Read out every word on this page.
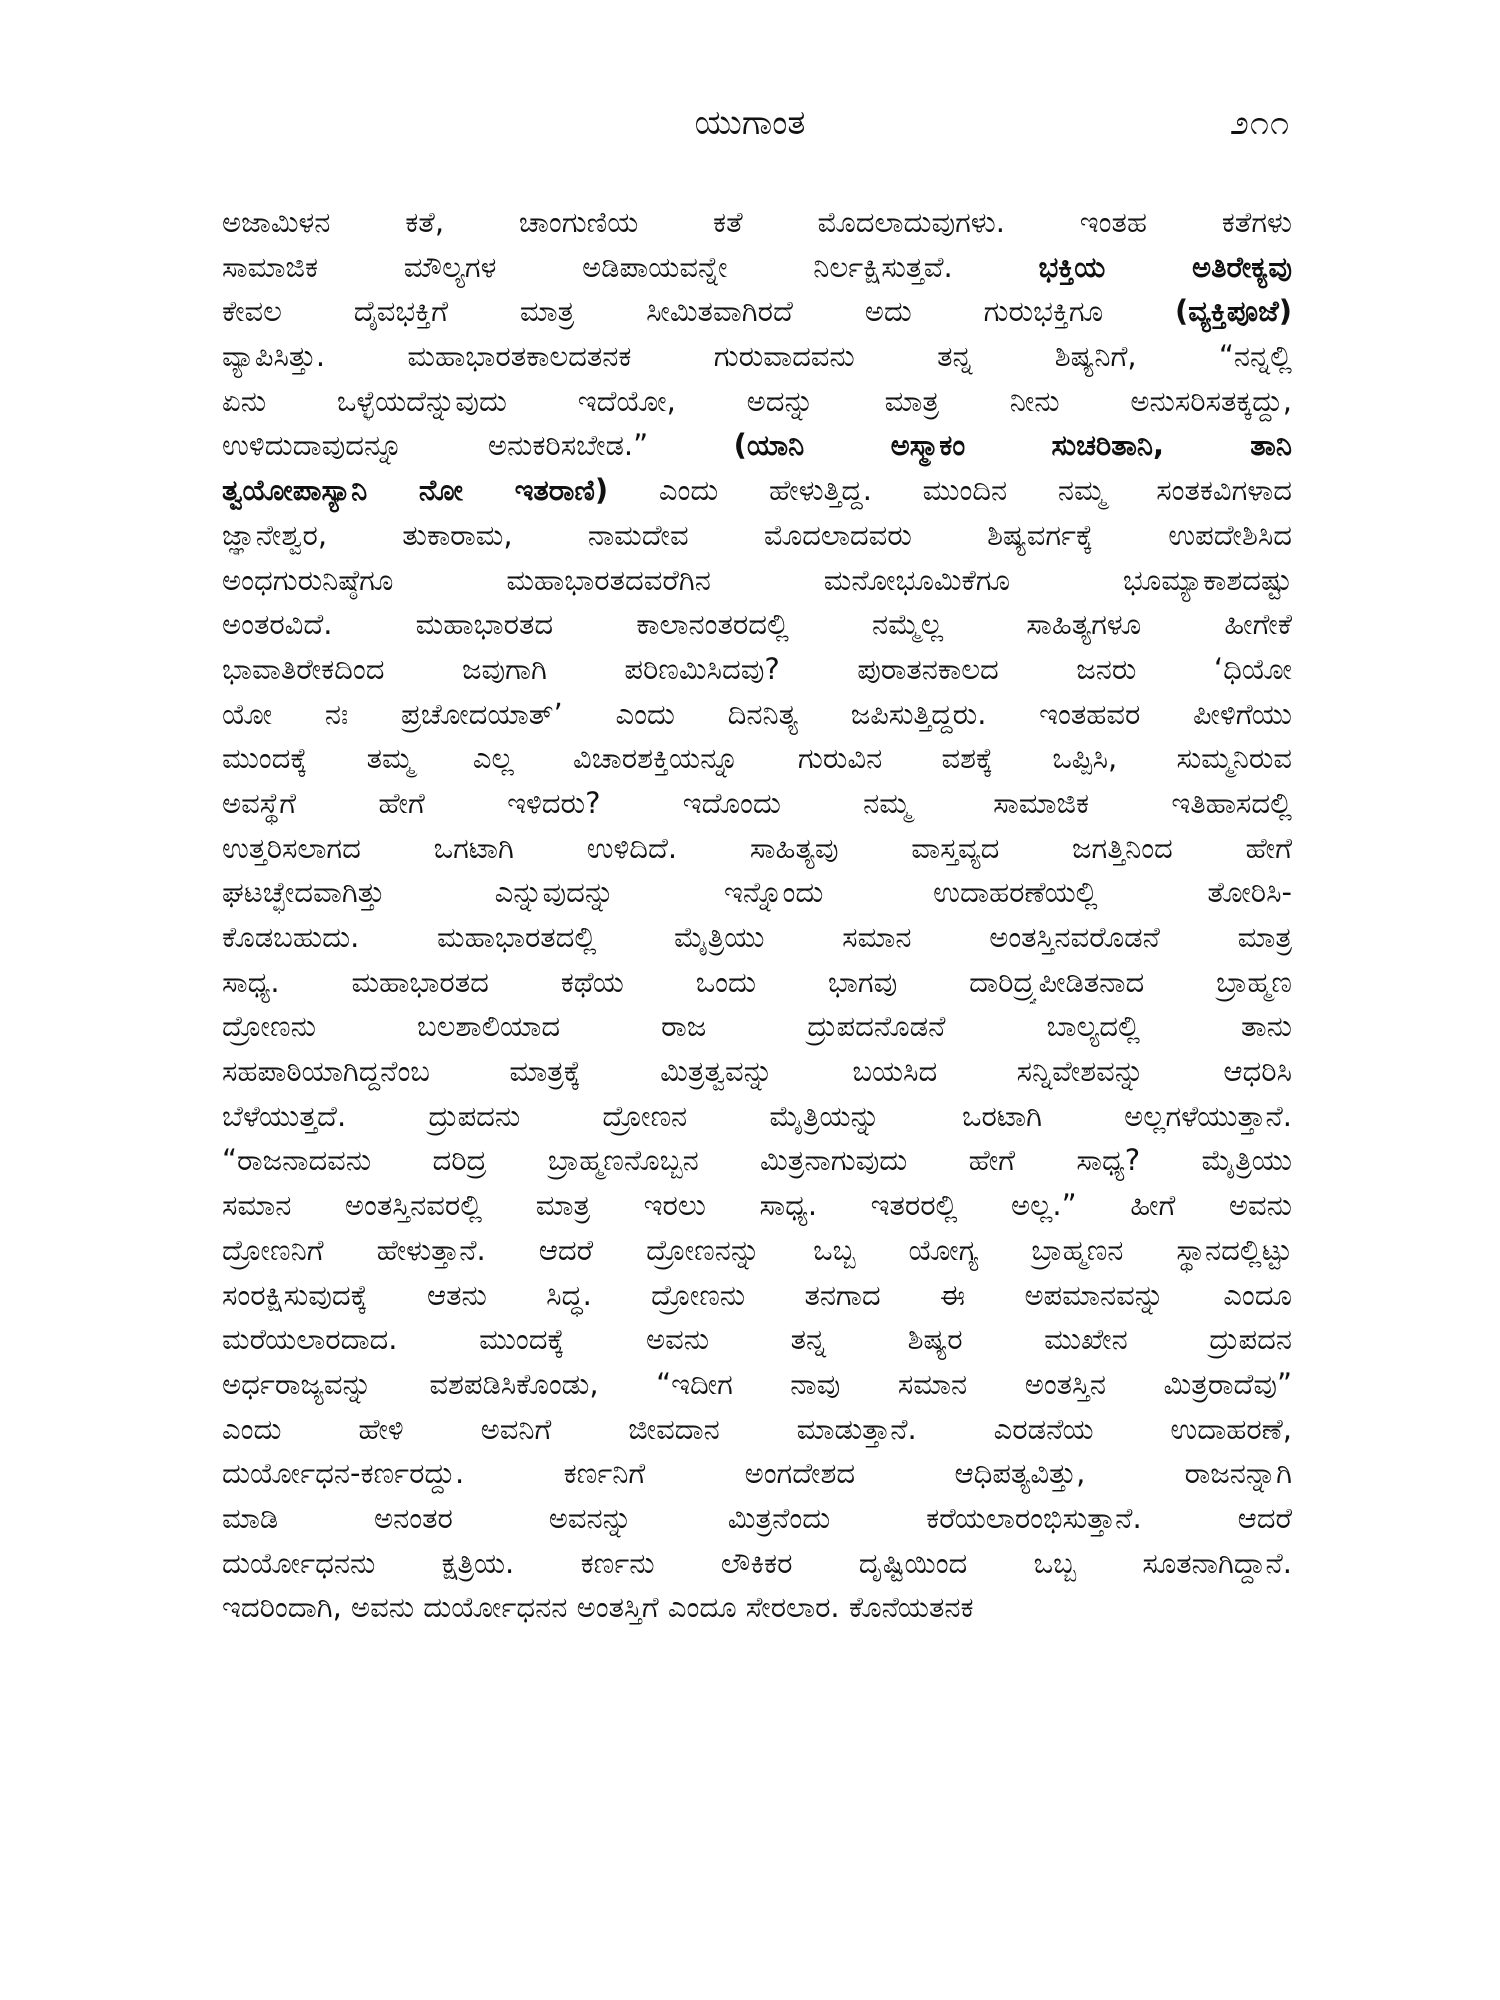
ಯುಗಾಂತ	೨೧೧
ಅಜಾಮಿಳನ ಕತೆ, ಚಾಂಗುಣಿಯ ಕತೆ ಮೊದಲಾದುವುಗಳು. ಇಂತಹ ಕತೆಗಳು
ಸಾಮಾಜಿಕ ಮೌಲ್ಯಗಳ ಅಡಿಪಾಯವನ್ನೇ ನಿರ್ಲಕ್ಷಿಸುತ್ತವೆ. ಭಕ್ತಿಯ ಅತಿರೇಕ್ಯವು
ಕೇವಲ ದೈವಭಕ್ತಿಗೆ ಮಾತ್ರ ಸೀಮಿತವಾಗಿರದೆ ಅದು ಗುರುಭಕ್ತಿಗೂ (ವ್ಯಕ್ತಿಪೂಜೆ)
ವ್ಯಾಪಿಸಿತ್ತು. ಮಹಾಭಾರತಕಾಲದತನಕ ಗುರುವಾದವನು ತನ್ನ ಶಿಷ್ಯನಿಗೆ, “ನನ್ನಲ್ಲಿ
ಏನು ಒಳ್ಳೆಯದೆನ್ನುವುದು ಇದೆಯೋ, ಅದನ್ನು ಮಾತ್ರ ನೀನು ಅನುಸರಿಸತಕ್ಕದ್ದು,
ಉಳಿದುದಾವುದನ್ನೂ ಅನುಕರಿಸಬೇಡ.” (ಯಾನಿ ಅಸ್ಮಾಕಂ ಸುಚರಿತಾನಿ, ತಾನಿ
ತ್ವಯೋಪಾಸ್ಯಾನಿ ನೋ ಇತರಾಣಿ) ಎಂದು ಹೇಳುತ್ತಿದ್ದ. ಮುಂದಿನ ನಮ್ಮ ಸಂತಕವಿಗಳಾದ
ಜ್ಞಾನೇಶ್ವರ, ತುಕಾರಾಮ, ನಾಮದೇವ ಮೊದಲಾದವರು ಶಿಷ್ಯವರ್ಗಕ್ಕೆ ಉಪದೇಶಿಸಿದ
ಅಂಧಗುರುನಿಷ್ಠೆಗೂ ಮಹಾಭಾರತದವರೆಗಿನ ಮನೋಭೂಮಿಕೆಗೂ ಭೂಮ್ಯಾಕಾಶದಷ್ಟು
ಅಂತರವಿದೆ. ಮಹಾಭಾರತದ ಕಾಲಾನಂತರದಲ್ಲಿ ನಮ್ಮೆಲ್ಲ ಸಾಹಿತ್ಯಗಳೂ ಹೀಗೇಕೆ
ಭಾವಾತಿರೇಕದಿಂದ ಜವುಗಾಗಿ ಪರಿಣಮಿಸಿದವು? ಪುರಾತನಕಾಲದ ಜನರು ‘ಧಿಯೋ
ಯೋ ನಃ ಪ್ರಚೋದಯಾತ್’ ಎಂದು ದಿನನಿತ್ಯ ಜಪಿಸುತ್ತಿದ್ದರು. ಇಂತಹವರ ಪೀಳಿಗೆಯು
ಮುಂದಕ್ಕೆ ತಮ್ಮ ಎಲ್ಲ ವಿಚಾರಶಕ್ತಿಯನ್ನೂ ಗುರುವಿನ ವಶಕ್ಕೆ ಒಪ್ಪಿಸಿ, ಸುಮ್ಮನಿರುವ
ಅವಸ್ಥೆಗೆ ಹೇಗೆ ಇಳಿದರು? ಇದೊಂದು ನಮ್ಮ ಸಾಮಾಜಿಕ ಇತಿಹಾಸದಲ್ಲಿ
ಉತ್ತರಿಸಲಾಗದ ಒಗಟಾಗಿ ಉಳಿದಿದೆ. ಸಾಹಿತ್ಯವು ವಾಸ್ತವ್ಯದ ಜಗತ್ತಿನಿಂದ ಹೇಗೆ
ಘಟಚ್ಛೇದವಾಗಿತ್ತು ಎನ್ನುವುದನ್ನು ಇನ್ನೊಂದು ಉದಾಹರಣೆಯಲ್ಲಿ ತೋರಿಸಿ-
ಕೊಡಬಹುದು. ಮಹಾಭಾರತದಲ್ಲಿ ಮೈತ್ರಿಯು ಸಮಾನ ಅಂತಸ್ತಿನವರೊಡನೆ ಮಾತ್ರ
ಸಾಧ್ಯ. ಮಹಾಭಾರತದ ಕಥೆಯ ಒಂದು ಭಾಗವು ದಾರಿದ್ರ್ಯಪೀಡಿತನಾದ ಬ್ರಾಹ್ಮಣ
ದ್ರೋಣನು ಬಲಶಾಲಿಯಾದ ರಾಜ ದ್ರುಪದನೊಡನೆ ಬಾಲ್ಯದಲ್ಲಿ ತಾನು
ಸಹಪಾಠಿಯಾಗಿದ್ದನೆಂಬ ಮಾತ್ರಕ್ಕೆ ಮಿತ್ರತ್ವವನ್ನು ಬಯಸಿದ ಸನ್ನಿವೇಶವನ್ನು ಆಧರಿಸಿ
ಬೆಳೆಯುತ್ತದೆ. ದ್ರುಪದನು ದ್ರೋಣನ ಮೈತ್ರಿಯನ್ನು ಒರಟಾಗಿ ಅಲ್ಲಗಳೆಯುತ್ತಾನೆ.
“ರಾಜನಾದವನು ದರಿದ್ರ ಬ್ರಾಹ್ಮಣನೊಬ್ಬನ ಮಿತ್ರನಾಗುವುದು ಹೇಗೆ ಸಾಧ್ಯ? ಮೈತ್ರಿಯು
ಸಮಾನ ಅಂತಸ್ತಿನವರಲ್ಲಿ ಮಾತ್ರ ಇರಲು ಸಾಧ್ಯ. ಇತರರಲ್ಲಿ ಅಲ್ಲ.” ಹೀಗೆ ಅವನು
ದ್ರೋಣನಿಗೆ ಹೇಳುತ್ತಾನೆ. ಆದರೆ ದ್ರೋಣನನ್ನು ಒಬ್ಬ ಯೋಗ್ಯ ಬ್ರಾಹ್ಮಣನ ಸ್ಥಾನದಲ್ಲಿಟ್ಟು
ಸಂರಕ್ಷಿಸುವುದಕ್ಕೆ ಆತನು ಸಿದ್ಧ. ದ್ರೋಣನು ತನಗಾದ ಈ ಅಪಮಾನವನ್ನು ಎಂದೂ
ಮರೆಯಲಾರದಾದ. ಮುಂದಕ್ಕೆ ಅವನು ತನ್ನ ಶಿಷ್ಯರ ಮುಖೇನ ದ್ರುಪದನ
ಅರ್ಧರಾಜ್ಯವನ್ನು ವಶಪಡಿಸಿಕೊಂಡು, “ಇದೀಗ ನಾವು ಸಮಾನ ಅಂತಸ್ತಿನ ಮಿತ್ರರಾದೆವು”
ಎಂದು ಹೇಳಿ ಅವನಿಗೆ ಜೀವದಾನ ಮಾಡುತ್ತಾನೆ. ಎರಡನೆಯ ಉದಾಹರಣೆ,
ದುರ್ಯೋಧನ-ಕರ್ಣರದ್ದು. ಕರ್ಣನಿಗೆ ಅಂಗದೇಶದ ಆಧಿಪತ್ಯವಿತ್ತು, ರಾಜನನ್ನಾಗಿ
ಮಾಡಿ ಅನಂತರ ಅವನನ್ನು ಮಿತ್ರನೆಂದು ಕರೆಯಲಾರಂಭಿಸುತ್ತಾನೆ. ಆದರೆ
ದುರ್ಯೋಧನನು ಕ್ಷತ್ರಿಯ. ಕರ್ಣನು ಲೌಕಿಕರ ದೃಷ್ಟಿಯಿಂದ ಒಬ್ಬ ಸೂತನಾಗಿದ್ದಾನೆ.
ಇದರಿಂದಾಗಿ, ಅವನು ದುರ್ಯೋಧನನ ಅಂತಸ್ತಿಗೆ ಎಂದೂ ಸೇರಲಾರ. ಕೊನೆಯತನಕ
